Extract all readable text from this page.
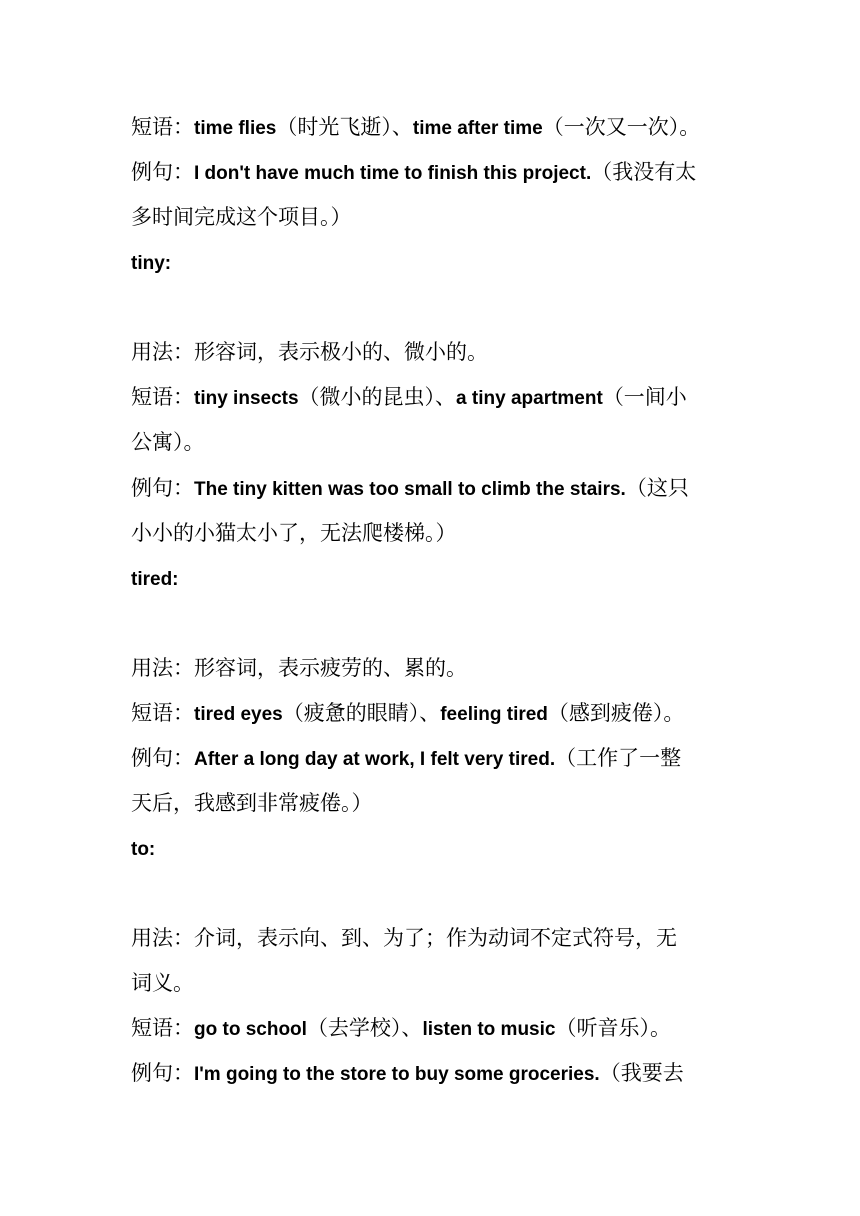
短语：time flies（时光飞逝）、time after time（一次又一次）。
例句：I don't have much time to finish this project.（我没有太
多时间完成这个项目。）
tiny:
用法：形容词，表示极小的、微小的。
短语：tiny insects（微小的昆虫）、a tiny apartment（一间小
公寓）。
例句：The tiny kitten was too small to climb the stairs.（这只
小小的小猫太小了，无法爬楼梯。）
tired:
用法：形容词，表示疲劳的、累的。
短语：tired eyes（疲惫的眼睛）、feeling tired（感到疲倦）。
例句：After a long day at work, I felt very tired.（工作了一整
天后，我感到非常疲倦。）
to:
用法：介词，表示向、到、为了；作为动词不定式符号，无
词义。
短语：go to school（去学校）、listen to music（听音乐）。
例句：I'm going to the store to buy some groceries.（我要去
